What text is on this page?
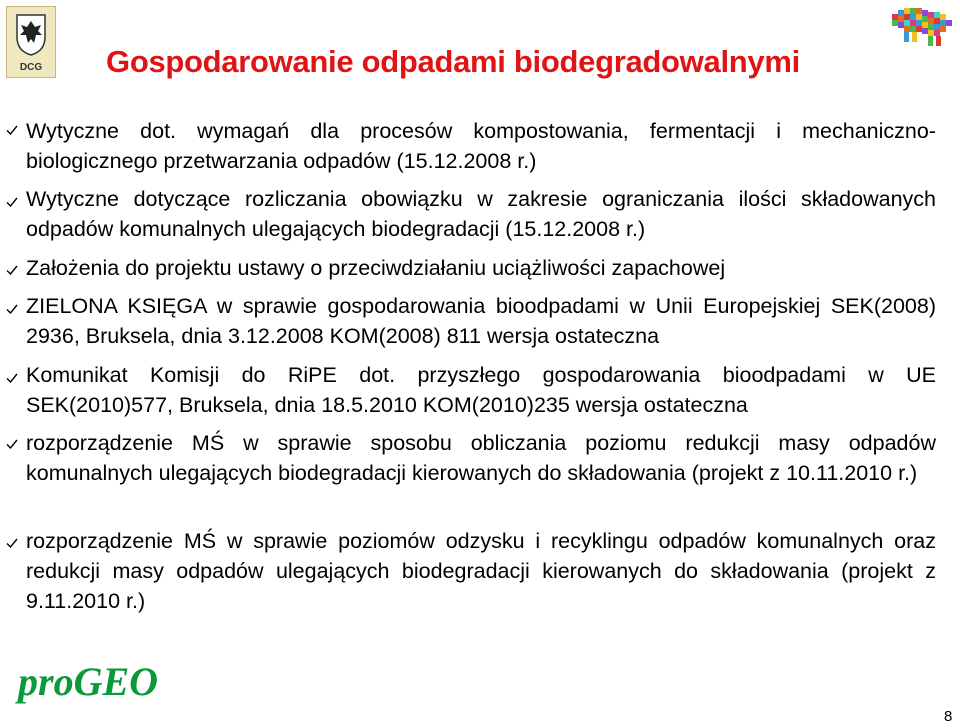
DCG	Gospodarowanie odpadami biodegradowalnymi
Wytyczne dot. wymagań dla procesów kompostowania, fermentacji i mechaniczno-biologicznego przetwarzania odpadów (15.12.2008 r.)
Wytyczne dotyczące rozliczania obowiązku w zakresie ograniczania ilości składowanych odpadów komunalnych ulegających biodegradacji (15.12.2008 r.)
Założenia do projektu ustawy o przeciwdziałaniu uciążliwości zapachowej
ZIELONA KSIĘGA w sprawie gospodarowania bioodpadami w Unii Europejskiej SEK(2008) 2936, Bruksela, dnia 3.12.2008 KOM(2008) 811 wersja ostateczna
Komunikat Komisji do RiPE dot. przyszłego gospodarowania bioodpadami w UE SEK(2010)577, Bruksela, dnia 18.5.2010 KOM(2010)235 wersja ostateczna
rozporządzenie MŚ w sprawie sposobu obliczania poziomu redukcji masy odpadów komunalnych ulegających biodegradacji kierowanych do składowania (projekt z 10.11.2010 r.)
rozporządzenie MŚ w sprawie poziomów odzysku i recyklingu odpadów komunalnych oraz redukcji masy odpadów ulegających biodegradacji kierowanych do składowania (projekt z 9.11.2010 r.)
proGEO
8
